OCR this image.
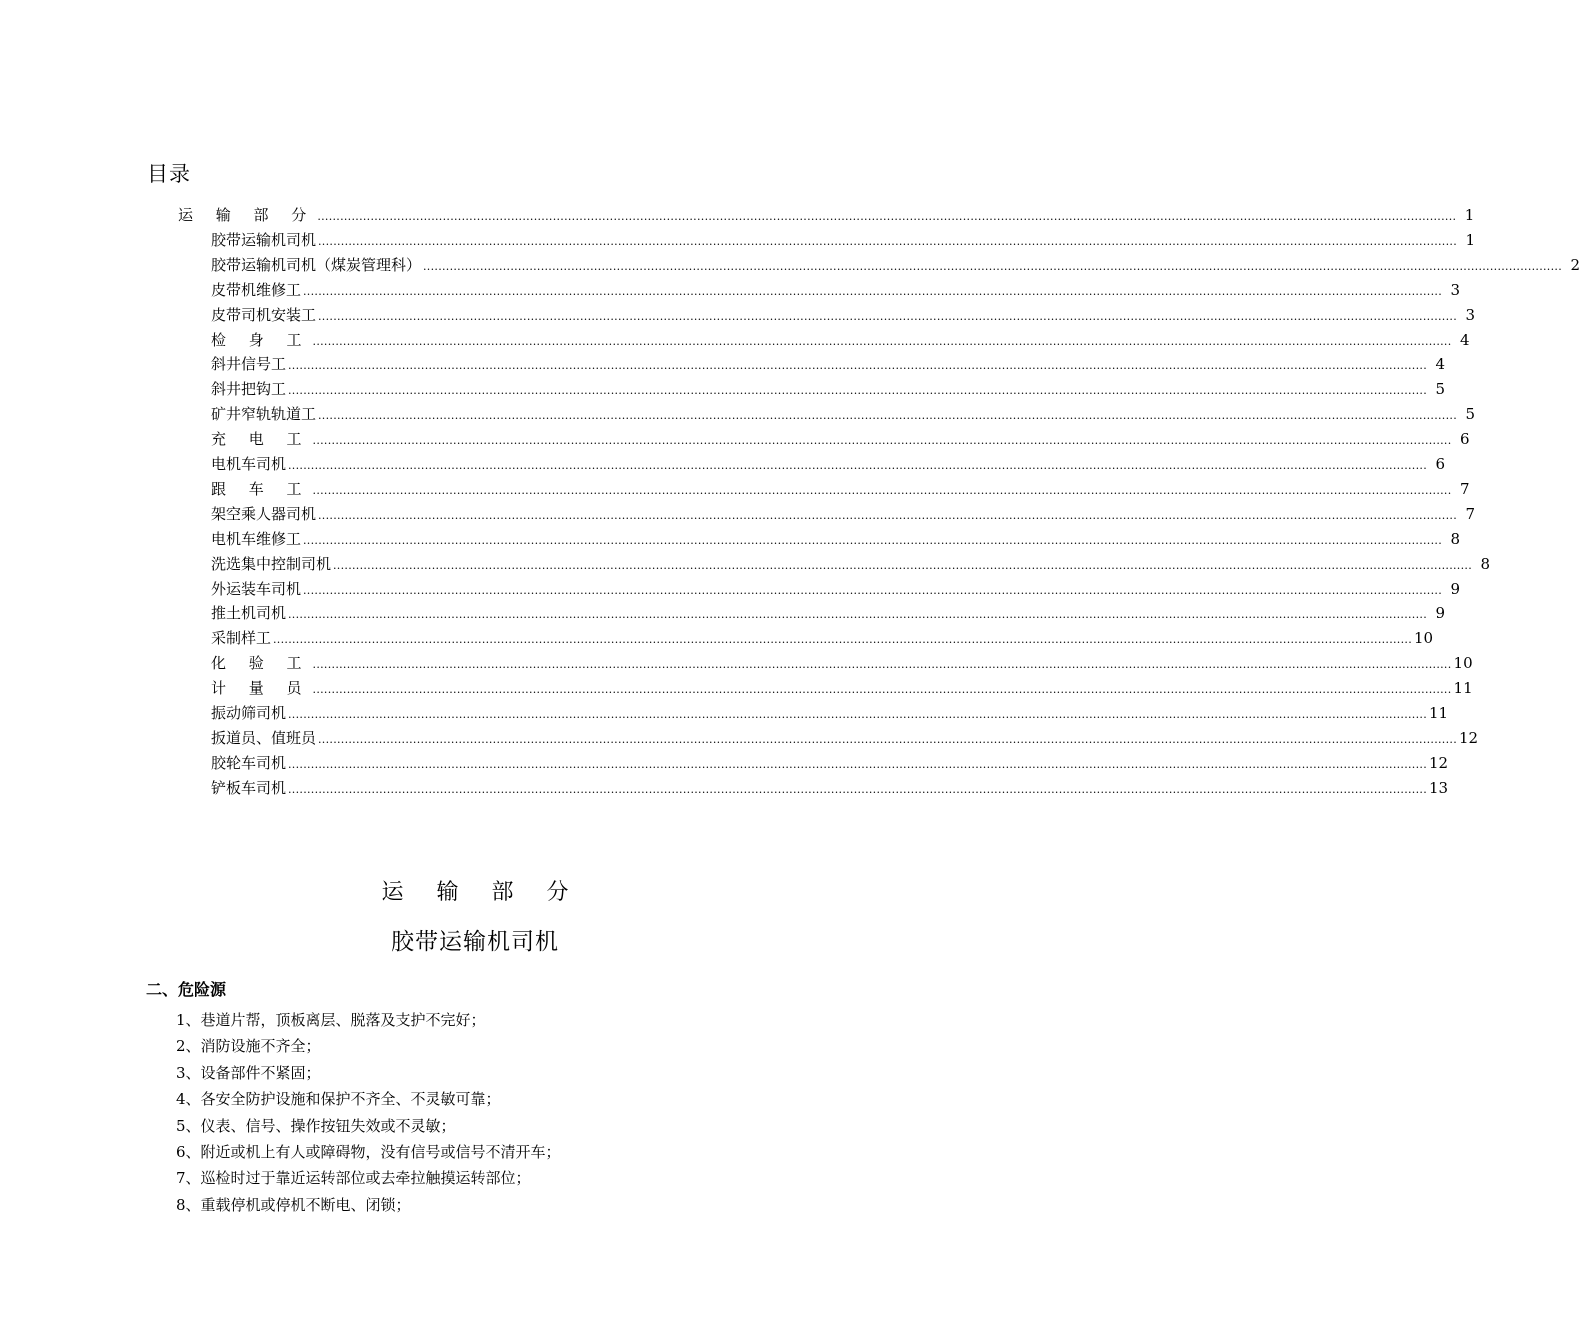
目录
运 输 部 分 ............................................................................................................................................................................................................................................................................................................ 1
胶带运输机司机 ............................................................................................................................................................................................................................................................................................................ 1
胶带运输机司机（煤炭管理科） ............................................................................................................................................................................................................................................................................................................ 2
皮带机维修工 ............................................................................................................................................................................................................................................................................................................ 3
皮带司机安装工 ............................................................................................................................................................................................................................................................................................................ 3
检 身 工 ............................................................................................................................................................................................................................................................................................................ 4
斜井信号工 ............................................................................................................................................................................................................................................................................................................ 4
斜井把钩工 ............................................................................................................................................................................................................................................................................................................ 5
矿井窄轨轨道工 ............................................................................................................................................................................................................................................................................................................ 5
充 电 工 ............................................................................................................................................................................................................................................................................................................ 6
电机车司机 ............................................................................................................................................................................................................................................................................................................ 6
跟 车 工 ............................................................................................................................................................................................................................................................................................................ 7
架空乘人器司机 ............................................................................................................................................................................................................................................................................................................ 7
电机车维修工 ............................................................................................................................................................................................................................................................................................................ 8
洗选集中控制司机 ............................................................................................................................................................................................................................................................................................................ 8
外运装车司机 ............................................................................................................................................................................................................................................................................................................ 9
推土机司机 ............................................................................................................................................................................................................................................................................................................ 9
采制样工 ............................................................................................................................................................................................................................................................................................................ 10
化 验 工 ............................................................................................................................................................................................................................................................................................................ 10
计 量 员 ............................................................................................................................................................................................................................................................................................................ 11
振动筛司机 ............................................................................................................................................................................................................................................................................................................ 11
扳道员、值班员 ............................................................................................................................................................................................................................................................................................................ 12
胶轮车司机 ............................................................................................................................................................................................................................................................................................................ 12
铲板车司机 ............................................................................................................................................................................................................................................................................................................ 13
运 输 部 分
胶带运输机司机
二、危险源
1、巷道片帮，顶板离层、脱落及支护不完好；
2、消防设施不齐全；
3、设备部件不紧固；
4、各安全防护设施和保护不齐全、不灵敏可靠；
5、仪表、信号、操作按钮失效或不灵敏；
6、附近或机上有人或障碍物，没有信号或信号不清开车；
7、巡检时过于靠近运转部位或去牵拉触摸运转部位；
8、重载停机或停机不断电、闭锁；
